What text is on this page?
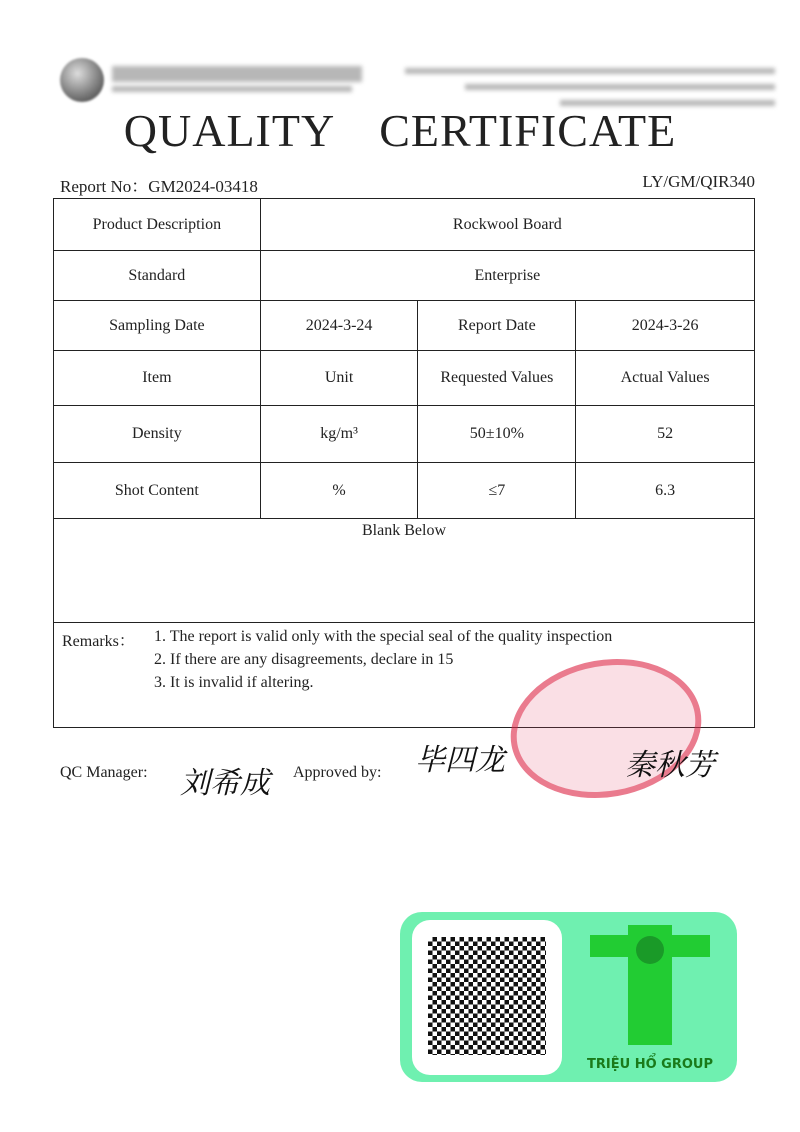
QUALITY CERTIFICATE
Report No：GM2024-03418	LY/GM/QIR340
Product Description	Rockwool Board		
Standard	Enterprise		
Sampling Date	2024-3-24	Report Date	2024-3-26
Item	Unit	Requested Values	Actual Values
Density	kg/m³	50±10%	52
Shot Content	%	≤7	6.3
Blank Below			
Remarks： 1. The report is valid only with the special seal of the quality inspection
2. If there are any disagreements, declare in 15
3. It is invalid if altering.
QC Manager: 刘希成 Approved by: 毕四龙	秦秋芳
TRIỆU HỔ GROUP
